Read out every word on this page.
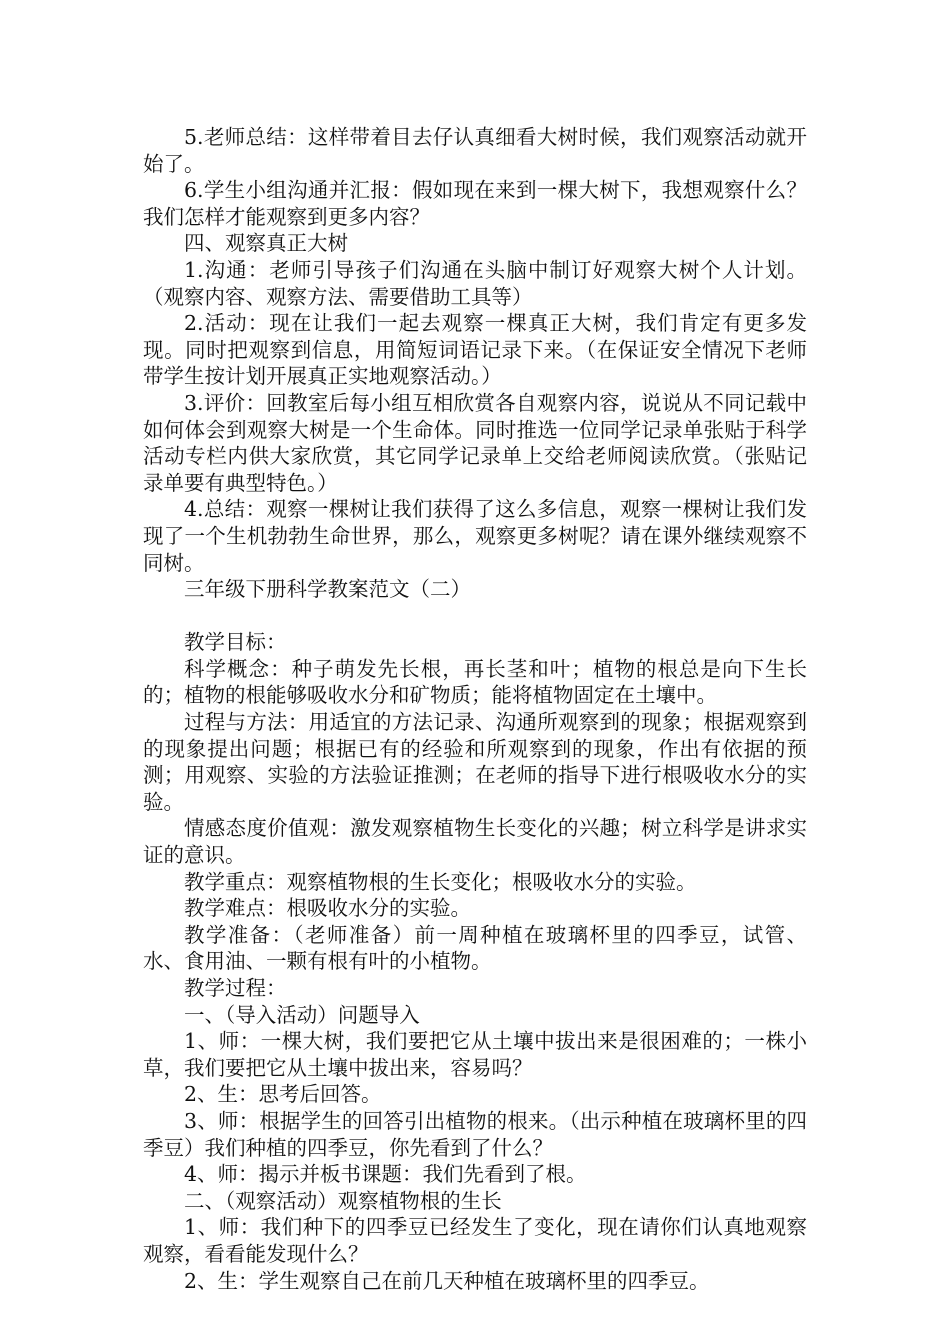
5.老师总结：这样带着目去仔认真细看大树时候，我们观察活动就开始了。

6.学生小组沟通并汇报：假如现在来到一棵大树下，我想观察什么？我们怎样才能观察到更多内容？

四、观察真正大树

1.沟通：老师引导孩子们沟通在头脑中制订好观察大树个人计划。（观察内容、观察方法、需要借助工具等）

2.活动：现在让我们一起去观察一棵真正大树，我们肯定有更多发现。同时把观察到信息，用简短词语记录下来。（在保证安全情况下老师带学生按计划开展真正实地观察活动。）

3.评价：回教室后每小组互相欣赏各自观察内容，说说从不同记载中如何体会到观察大树是一个生命体。同时推选一位同学记录单张贴于科学活动专栏内供大家欣赏，其它同学记录单上交给老师阅读欣赏。（张贴记录单要有典型特色。）

4.总结：观察一棵树让我们获得了这么多信息，观察一棵树让我们发现了一个生机勃勃生命世界，那么，观察更多树呢？请在课外继续观察不同树。

三年级下册科学教案范文（二）

教学目标：

科学概念：种子萌发先长根，再长茎和叶；植物的根总是向下生长的；植物的根能够吸收水分和矿物质；能将植物固定在土壤中。

过程与方法：用适宜的方法记录、沟通所观察到的现象；根据观察到的现象提出问题；根据已有的经验和所观察到的现象，作出有依据的预测；用观察、实验的方法验证推测；在老师的指导下进行根吸收水分的实验。

情感态度价值观：激发观察植物生长变化的兴趣；树立科学是讲求实证的意识。

教学重点：观察植物根的生长变化；根吸收水分的实验。

教学难点：根吸收水分的实验。

教学准备：（老师准备）前一周种植在玻璃杯里的四季豆，试管、水、食用油、一颗有根有叶的小植物。

教学过程：

一、（导入活动）问题导入

1、师：一棵大树，我们要把它从土壤中拔出来是很困难的；一株小草，我们要把它从土壤中拔出来，容易吗？

2、生：思考后回答。

3、师：根据学生的回答引出植物的根来。（出示种植在玻璃杯里的四季豆）我们种植的四季豆，你先看到了什么？

4、师：揭示并板书课题：我们先看到了根。

二、（观察活动）观察植物根的生长

1、师：我们种下的四季豆已经发生了变化，现在请你们认真地观察观察，看看能发现什么？

2、生：学生观察自己在前几天种植在玻璃杯里的四季豆。
